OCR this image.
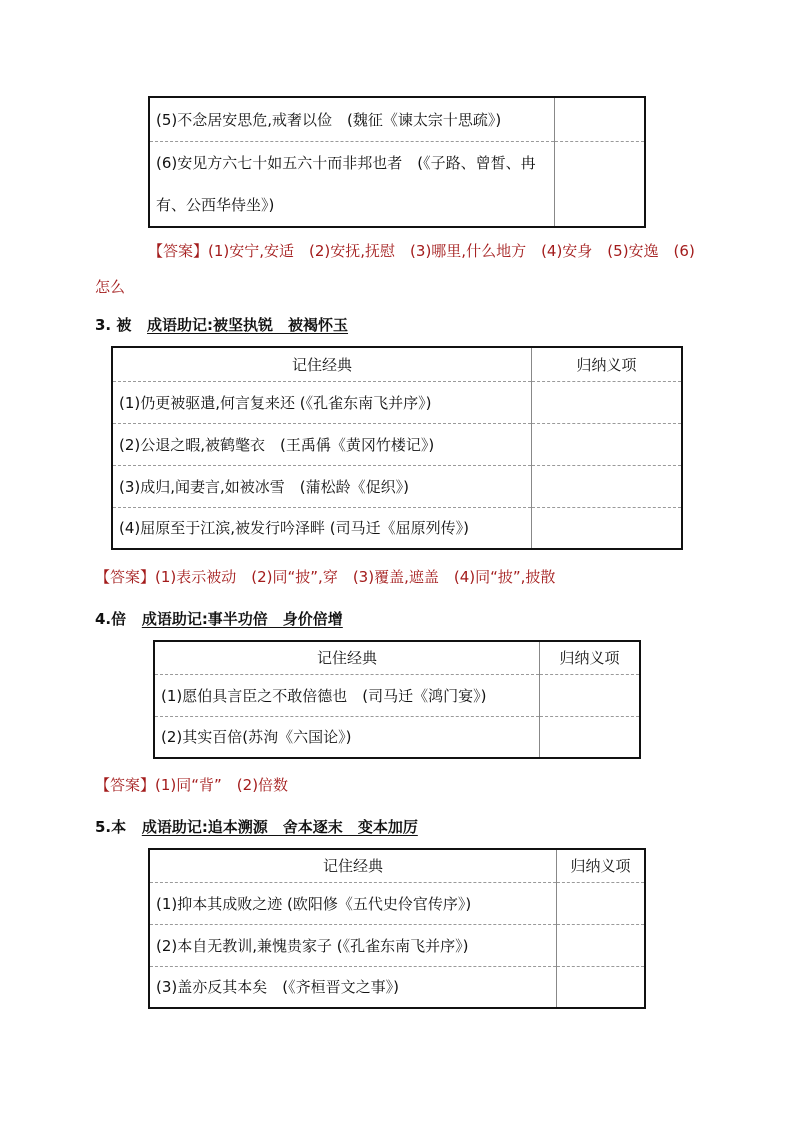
(5)不念居安思危,戒奢以俭　(魏征《谏太宗十思疏》)	
(6)安见方六七十如五六十而非邦也者　(《子路、曾皙、冉有、公西华侍坐》)	
【答案】(1)安宁,安适　(2)安抚,抚慰　(3)哪里,什么地方　(4)安身　(5)安逸　(6)
怎么
3. 被 成语助记:被坚执锐　被褐怀玉
记住经典	归纳义项
(1)仍更被驱遣,何言复来还 (《孔雀东南飞并序》)	
(2)公退之暇,被鹤氅衣　(王禹偁《黄冈竹楼记》)	
(3)成归,闻妻言,如被冰雪　(蒲松龄《促织》)	
(4)屈原至于江滨,被发行吟泽畔 (司马迁《屈原列传》)	
【答案】(1)表示被动　(2)同“披”,穿　(3)覆盖,遮盖　(4)同“披”,披散
4.倍 成语助记:事半功倍　身价倍增
记住经典	归纳义项
(1)愿伯具言臣之不敢倍德也　(司马迁《鸿门宴》)	
(2)其实百倍(苏洵《六国论》)	
【答案】(1)同“背”　(2)倍数
5.本 成语助记:追本溯源　舍本逐末　变本加厉
记住经典	归纳义项
(1)抑本其成败之迹 (欧阳修《五代史伶官传序》)	
(2)本自无教训,兼愧贵家子 (《孔雀东南飞并序》)	
(3)盖亦反其本矣　(《齐桓晋文之事》)	
